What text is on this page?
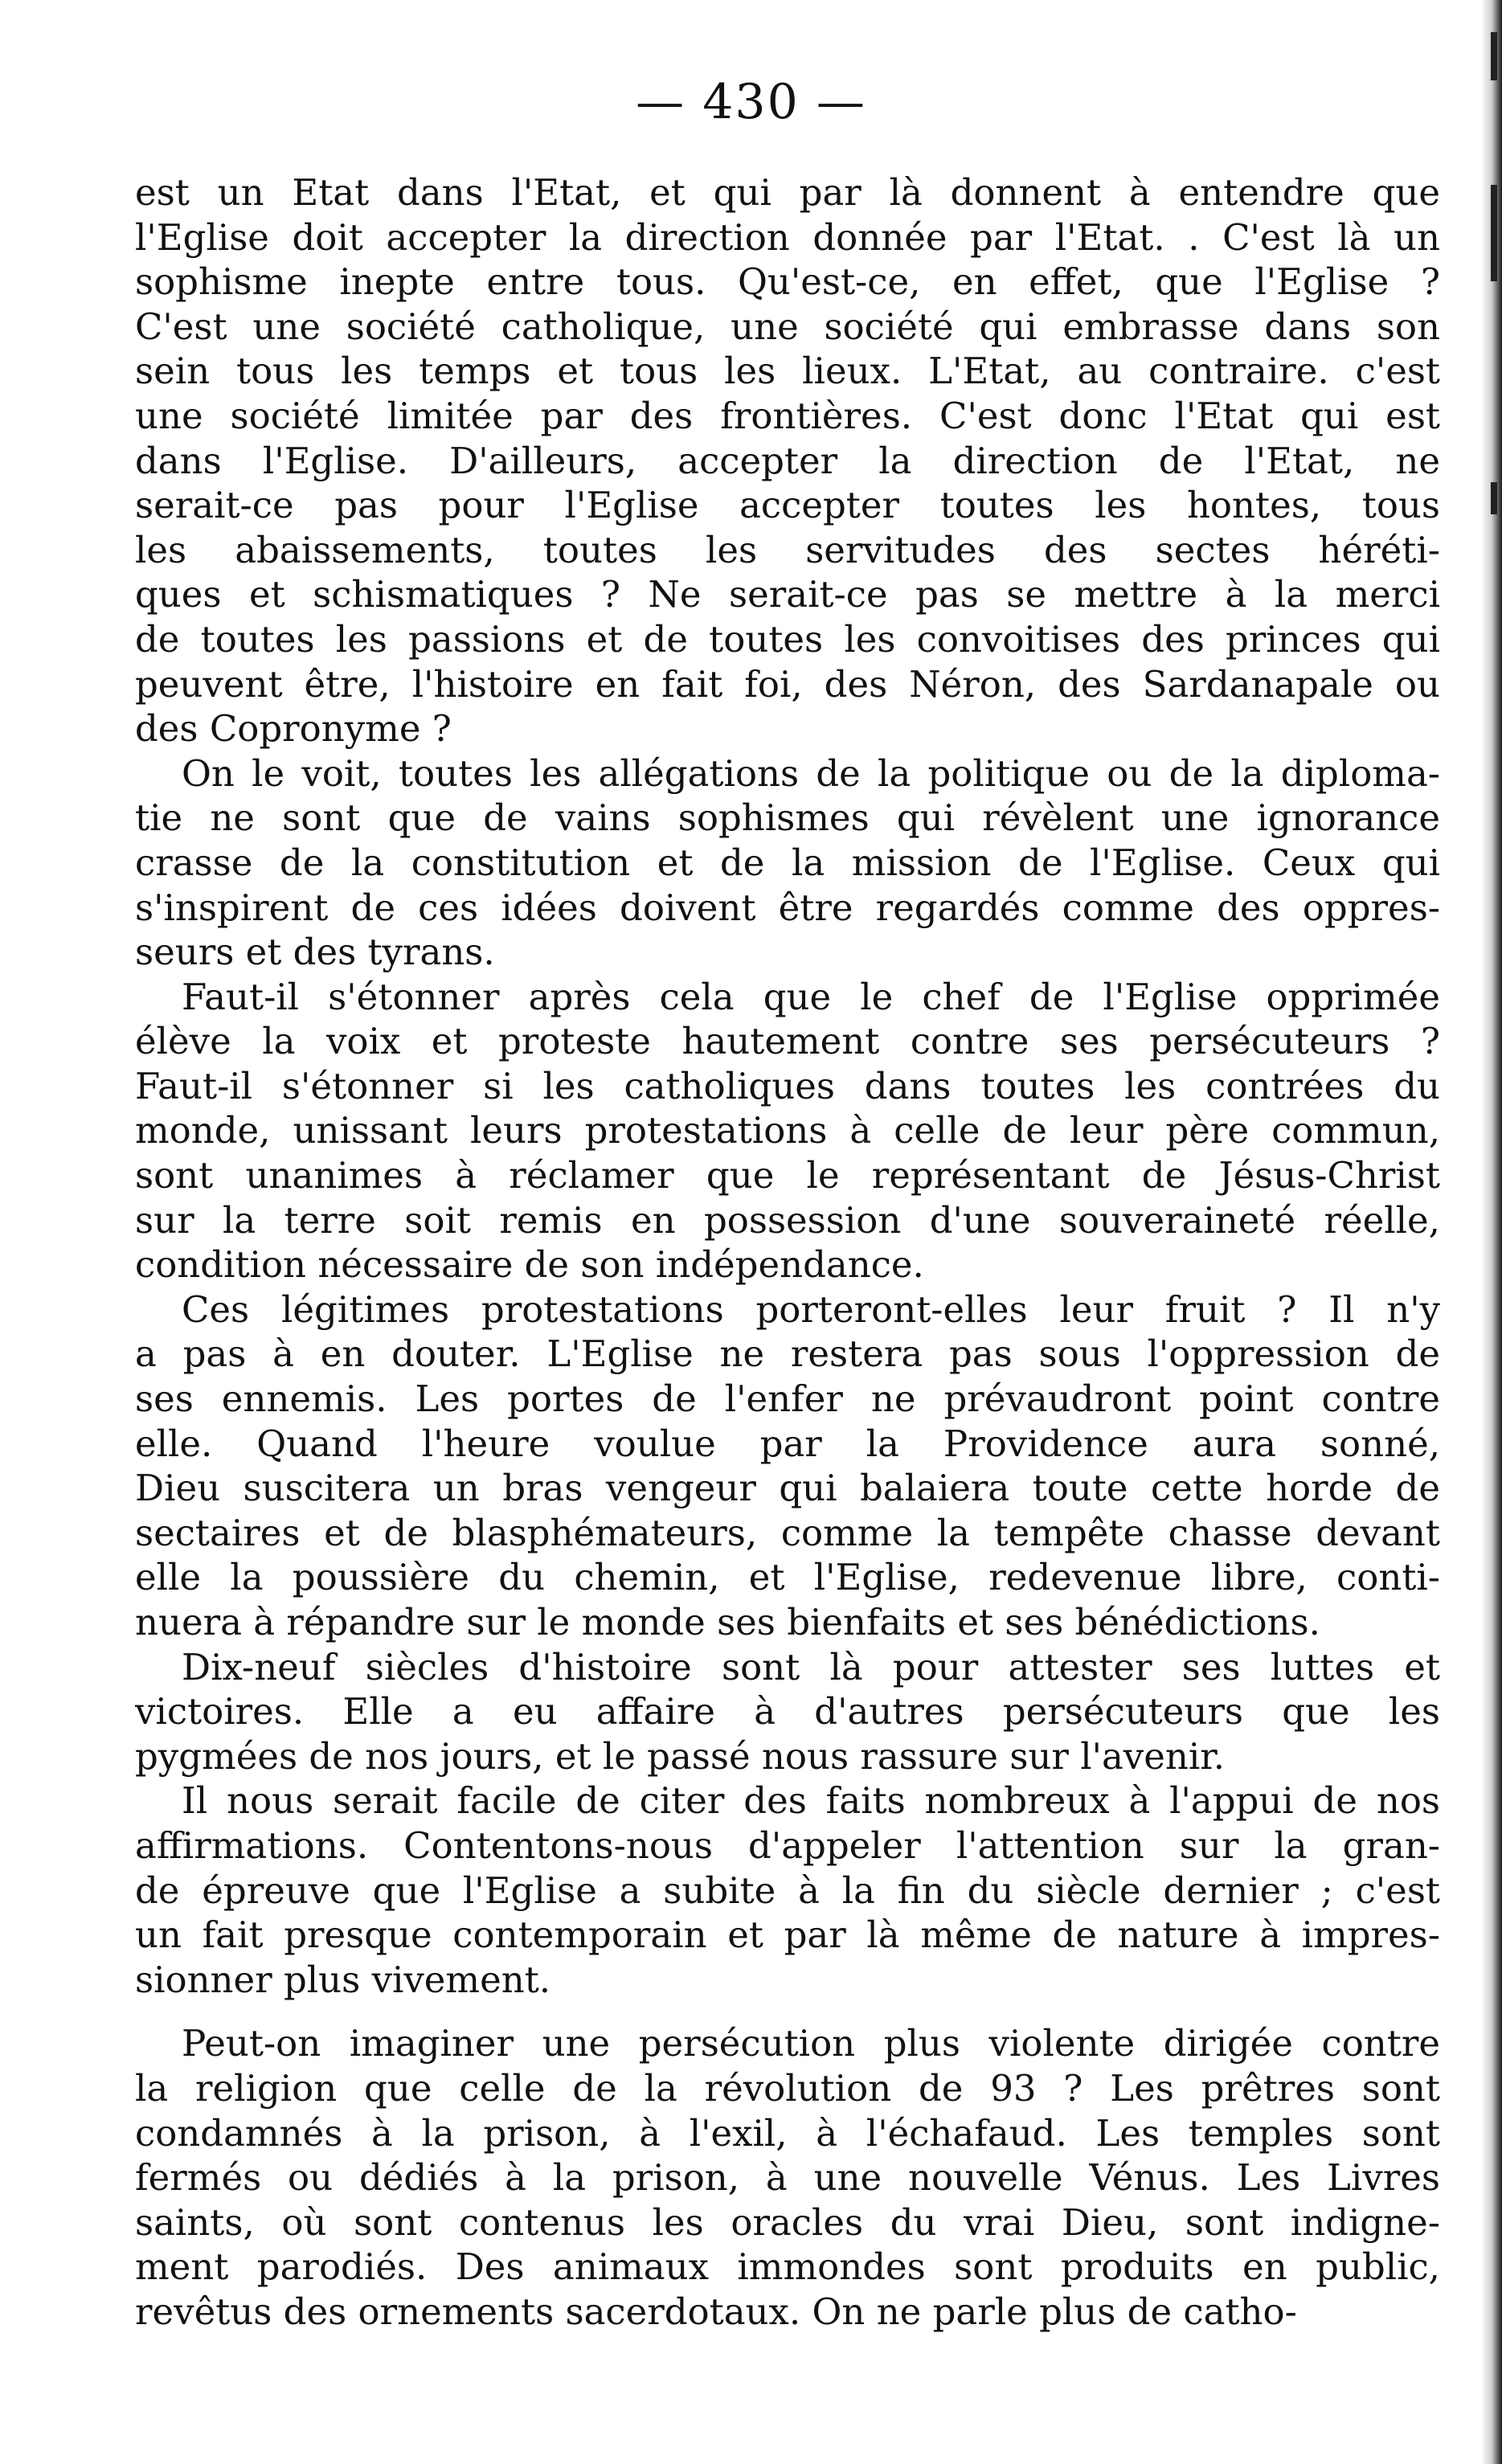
— 430 —
est un Etat dans l'Etat, et qui par là donnent à entendre que
l'Eglise doit accepter la direction donnée par l'Etat. . C'est là un
sophisme inepte entre tous. Qu'est-ce, en effet, que l'Eglise ?
C'est une société catholique, une société qui embrasse dans son
sein tous les temps et tous les lieux. L'Etat, au contraire. c'est
une société limitée par des frontières. C'est donc l'Etat qui est
dans l'Eglise. D'ailleurs, accepter la direction de l'Etat, ne
serait-ce pas pour l'Eglise accepter toutes les hontes, tous
les abaissements, toutes les servitudes des sectes héréti-
ques et schismatiques ? Ne serait-ce pas se mettre à la merci
de toutes les passions et de toutes les convoitises des princes qui
peuvent être, l'histoire en fait foi, des Néron, des Sardanapale ou
des Copronyme ?
On le voit, toutes les allégations de la politique ou de la diploma-
tie ne sont que de vains sophismes qui révèlent une ignorance
crasse de la constitution et de la mission de l'Eglise. Ceux qui
s'inspirent de ces idées doivent être regardés comme des oppres-
seurs et des tyrans.
Faut-il s'étonner après cela que le chef de l'Eglise opprimée
élève la voix et proteste hautement contre ses persécuteurs ?
Faut-il s'étonner si les catholiques dans toutes les contrées du
monde, unissant leurs protestations à celle de leur père commun,
sont unanimes à réclamer que le représentant de Jésus-Christ
sur la terre soit remis en possession d'une souveraineté réelle,
condition nécessaire de son indépendance.
Ces légitimes protestations porteront-elles leur fruit ? Il n'y
a pas à en douter. L'Eglise ne restera pas sous l'oppression de
ses ennemis. Les portes de l'enfer ne prévaudront point contre
elle. Quand l'heure voulue par la Providence aura sonné,
Dieu suscitera un bras vengeur qui balaiera toute cette horde de
sectaires et de blasphémateurs, comme la tempête chasse devant
elle la poussière du chemin, et l'Eglise, redevenue libre, conti-
nuera à répandre sur le monde ses bienfaits et ses bénédictions.
Dix-neuf siècles d'histoire sont là pour attester ses luttes et
victoires. Elle a eu affaire à d'autres persécuteurs que les
pygmées de nos jours, et le passé nous rassure sur l'avenir.
Il nous serait facile de citer des faits nombreux à l'appui de nos
affirmations. Contentons-nous d'appeler l'attention sur la gran-
de épreuve que l'Eglise a subite à la fin du siècle dernier ; c'est
un fait presque contemporain et par là même de nature à impres-
sionner plus vivement.
Peut-on imaginer une persécution plus violente dirigée contre
la religion que celle de la révolution de 93 ? Les prêtres sont
condamnés à la prison, à l'exil, à l'échafaud. Les temples sont
fermés ou dédiés à la prison, à une nouvelle Vénus. Les Livres
saints, où sont contenus les oracles du vrai Dieu, sont indigne-
ment parodiés. Des animaux immondes sont produits en public,
revêtus des ornements sacerdotaux. On ne parle plus de catho-
